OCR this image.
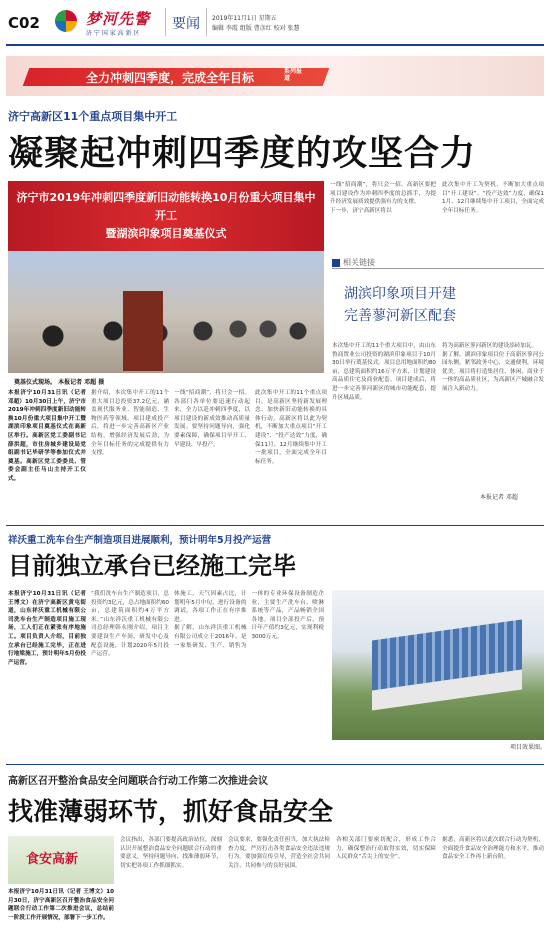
C02	梦河先警
济 宁 国 家 高 新 区
要闻 2019年11月1日 星期五
编辑 李霞 组版 曹彦红 校对 张慧
全力冲刺四季度，完成全年目标	系列报道
济宁高新区11个重点项目集中开工
凝聚起冲刺四季度的攻坚合力
济宁市2019年冲刺四季度新旧动能转换10月份重大项目集中开工
暨湖滨印象项目奠基仪式
奠基仪式现场。 本报记者 邓超 摄
一线“招商潮”，将只会一招。高新区要把项目建设作为冲刺四季度的总抓手，为提升经济发展质效提供强有力的支撑。
下一步，济宁高新区将以
此次集中开工为契机，不断加大重点项目“开工建设”、“投产达效”力度，确保11月、12月继续集中开工项目，全面完成全年目标任务。
相关链接
湖滨印象项目开建
完善蓼河新区配套
本次集中开工的11个重大项目中，由山东鲁商置业公司投资的湖滨印象项目于10月30日举行奠基仪式。项目总用地面积约80亩，总建筑面积约16万平方米，计划建设高品质住宅及商业配套。项目建成后，将进一步完善蓼河新区的城市功能配套，提升区域品质。
将为高新区蓼河新区的建设添砖加瓦。
据了解，湖滨印象项目位于高新区蓼河公园东侧，紧邻政务中心，交通便利，环境优美。项目将打造集居住、休闲、商业于一体的高品质社区，为高新区产城融合发展注入新动力。
本报记者 邓超
本报济宁10月31日讯（记者 邓超）10月30日上午，济宁市2019年冲刺四季度新旧动能转换10月份重大项目集中开工暨湖滨印象项目奠基仪式在高新区举行。高新区党工委副书记薛洪超，市住房城乡建设局党组副书记毕研学等参加仪式并奠基。高新区党工委委员、管委会副主任马山主持开工仪式。
据介绍，本次集中开工的11个重大项目总投资37.2亿元，涵盖现代服务业、智能制造、生物医药等领域。项目建成投产后，将进一步完善高新区产业结构，增强经济发展后劲，为全年目标任务的完成提供有力支撑。
一线“招商潮”，将只会一招。各部门各单位要迅速行动起来，全力以赴冲刺四季度，以项目建设的新成效推动高质量发展。要坚持问题导向，强化要素保障，确保项目早开工、早建设、早投产。
此次集中开工的11个重点项目，是高新区坚持新发展理念、加快新旧动能转换的具体行动。高新区将以此为契机，不断加大重点项目“开工建设”、“投产达效”力度，确保11月、12月继续集中开工一批项目，全面完成全年目标任务。
祥沃重工洗车台生产制造项目进展顺利，预计明年5月投产运营
目前独立承台已经施工完毕
本报济宁10月31日讯（记者 王博文）在济宁高新区黄屯街道，山东祥沃重工机械有限公司洗车台生产制造项目施工现场，工人们正在紧张有序地施工。项目负责人介绍，目前独立承台已经施工完毕，正在进行地梁施工，预计明年5月份投产运营。
“我们洗车台生产制造项目，总投资约3亿元，总占地面积约60亩，总建筑面积约4万平方米。”山东祥沃重工机械有限公司总经理韩永刚介绍，项目主要建设生产车间、研发中心及配套设施，计划2020年5月投产运营。
体施工，天气因素占比，计划明年5月中旬，进行设备的调试，各项工作正在有序推进。
据了解，山东祥沃重工机械有限公司成立于2016年，是一家集研发、生产、销售为一体的专业环保设备制造企业，主要生产洗车台、喷淋系统等产品，产品畅销全国各地。项目全部投产后，预计年产值约3亿元，实现利税3000万元。
项目效果图。
高新区召开整治食品安全问题联合行动工作第二次推进会议
找准薄弱环节，抓好食品安全
食安高新
本报济宁10月31日讯（记者 王博文）10月30日，济宁高新区召开整治食品安全问题联合行动工作第二次推进会议，总结前一阶段工作开展情况，部署下一步工作。
会议指出，各部门要提高政治站位，深刻认识开展整治食品安全问题联合行动的重要意义，坚持问题导向，找准薄弱环节，切实把各项工作抓细抓实。
会议要求，要强化责任担当，加大执法检查力度，严厉打击各类食品安全违法违规行为。要加强宣传引导，营造全社会共同关注、共同参与的良好氛围。
各相关部门要密切配合，形成工作合力，确保整治行动取得实效，切实保障人民群众“舌尖上的安全”。
据悉，高新区将以此次联合行动为契机，全面提升食品安全治理能力和水平，推动食品安全工作再上新台阶。
